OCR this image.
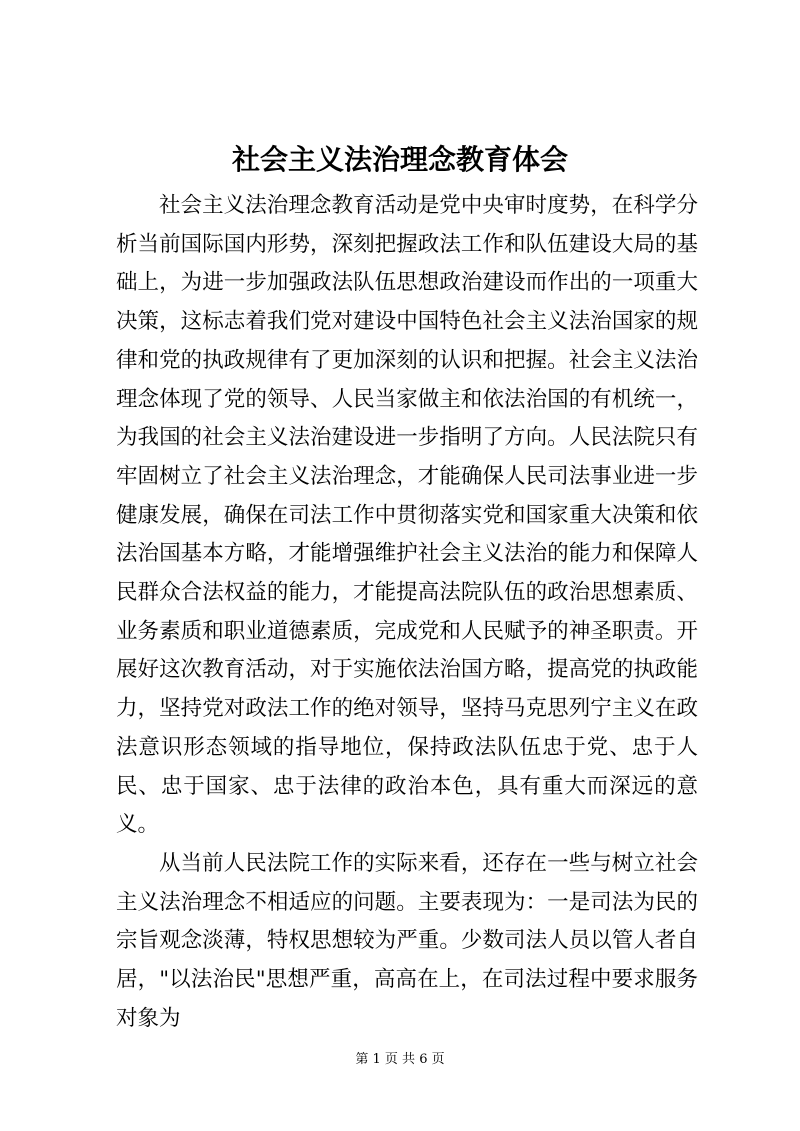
社会主义法治理念教育体会

社会主义法治理念教育活动是党中央审时度势，在科学分析当前国际国内形势，深刻把握政法工作和队伍建设大局的基础上，为进一步加强政法队伍思想政治建设而作出的一项重大决策，这标志着我们党对建设中国特色社会主义法治国家的规律和党的执政规律有了更加深刻的认识和把握。社会主义法治理念体现了党的领导、人民当家做主和依法治国的有机统一，为我国的社会主义法治建设进一步指明了方向。人民法院只有牢固树立了社会主义法治理念，才能确保人民司法事业进一步健康发展，确保在司法工作中贯彻落实党和国家重大决策和依法治国基本方略，才能增强维护社会主义法治的能力和保障人民群众合法权益的能力，才能提高法院队伍的政治思想素质、业务素质和职业道德素质，完成党和人民赋予的神圣职责。开展好这次教育活动，对于实施依法治国方略，提高党的执政能力，坚持党对政法工作的绝对领导，坚持马克思列宁主义在政法意识形态领域的指导地位，保持政法队伍忠于党、忠于人民、忠于国家、忠于法律的政治本色，具有重大而深远的意义。

从当前人民法院工作的实际来看，还存在一些与树立社会主义法治理念不相适应的问题。主要表现为：一是司法为民的宗旨观念淡薄，特权思想较为严重。少数司法人员以管人者自居，"以法治民"思想严重，高高在上，在司法过程中要求服务对象为

第 1 页 共 6 页
